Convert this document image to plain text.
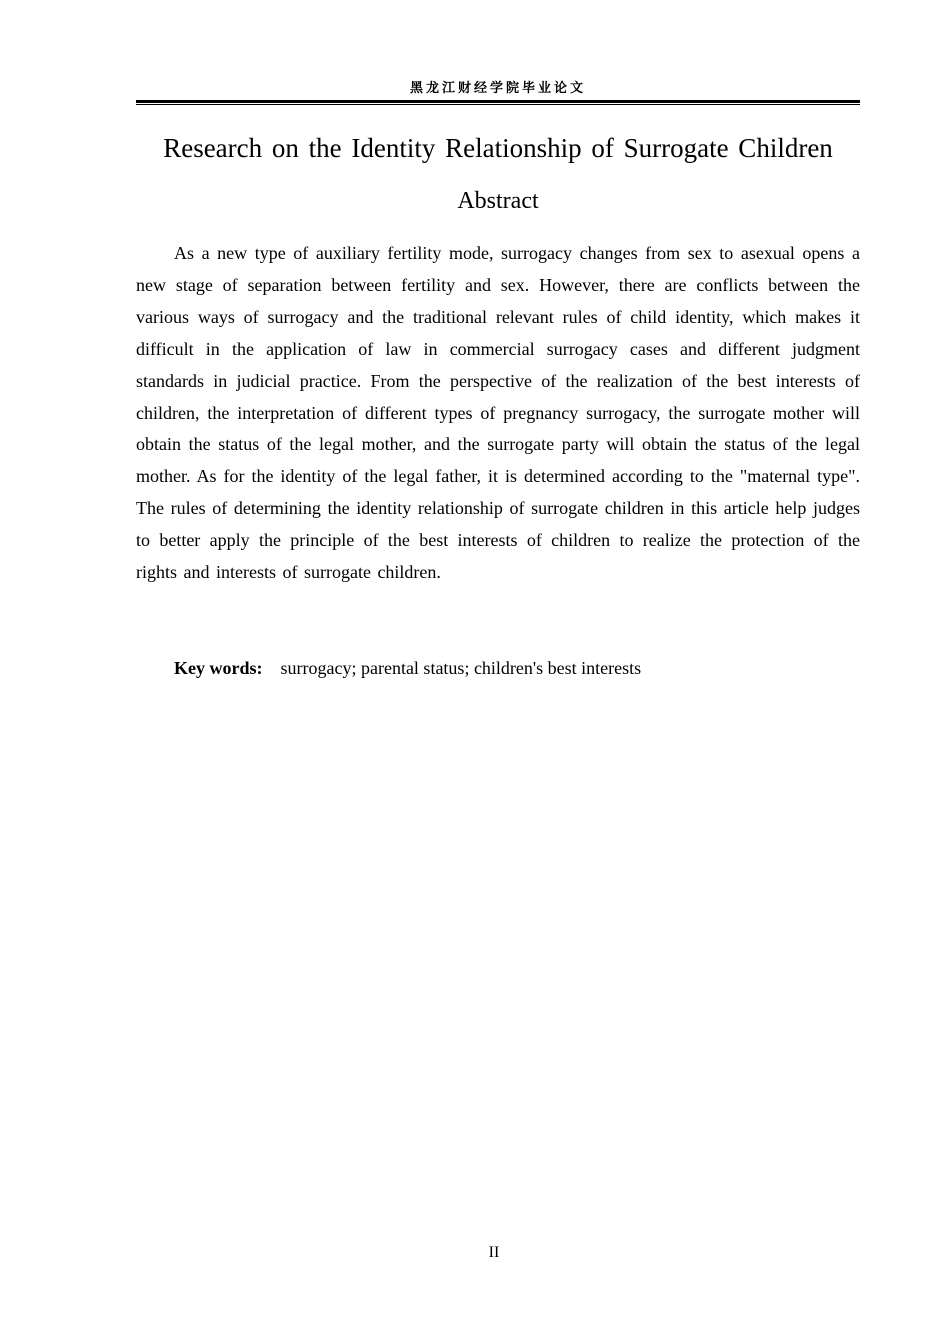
黑龙江财经学院毕业论文
Research on the Identity Relationship of Surrogate Children
Abstract

As a new type of auxiliary fertility mode, surrogacy changes from sex to asexual opens a new stage of separation between fertility and sex. However, there are conflicts between the various ways of surrogacy and the traditional relevant rules of child identity, which makes it difficult in the application of law in commercial surrogacy cases and different judgment standards in judicial practice. From the perspective of the realization of the best interests of children, the interpretation of different types of pregnancy surrogacy, the surrogate mother will obtain the status of the legal mother, and the surrogate party will obtain the status of the legal mother. As for the identity of the legal father, it is determined according to the "maternal type". The rules of determining the identity relationship of surrogate children in this article help judges to better apply the principle of the best interests of children to realize the protection of the rights and interests of surrogate children.

Key words: surrogacy; parental status; children's best interests
II
